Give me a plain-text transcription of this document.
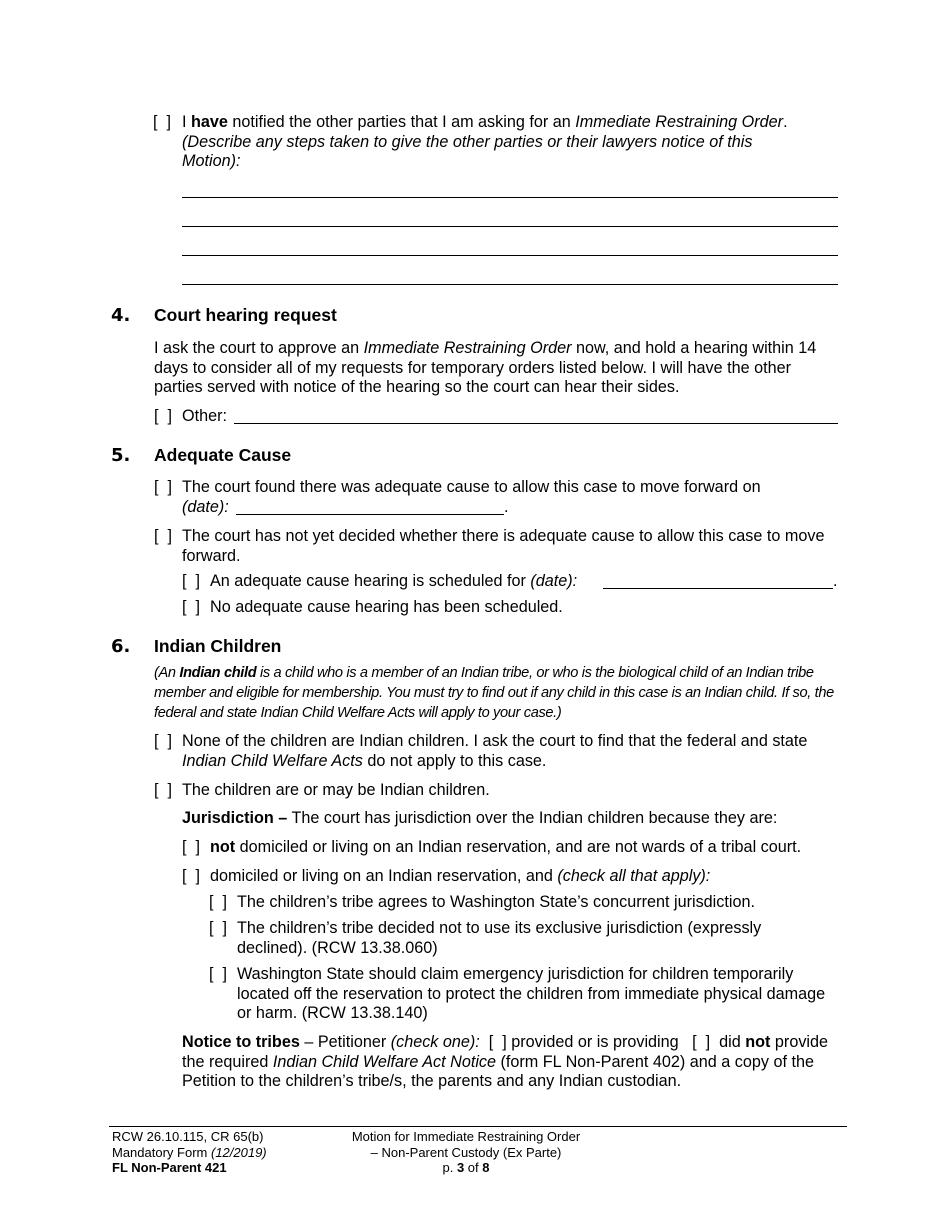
[  ] I have notified the other parties that I am asking for an Immediate Restraining Order.
(Describe any steps taken to give the other parties or their lawyers notice of this Motion):
4. Court hearing request
I ask the court to approve an Immediate Restraining Order now, and hold a hearing within 14 days to consider all of my requests for temporary orders listed below. I will have the other parties served with notice of the hearing so the court can hear their sides.
[  ] Other:
5. Adequate Cause
[  ] The court found there was adequate cause to allow this case to move forward on
(date):	.
[  ] The court has not yet decided whether there is adequate cause to allow this case to move forward.
[  ] An adequate cause hearing is scheduled for (date):	.
[  ] No adequate cause hearing has been scheduled.
6. Indian Children
(An Indian child is a child who is a member of an Indian tribe, or who is the biological child of an Indian tribe member and eligible for membership. You must try to find out if any child in this case is an Indian child. If so, the federal and state Indian Child Welfare Acts will apply to your case.)
[  ] None of the children are Indian children. I ask the court to find that the federal and state Indian Child Welfare Acts do not apply to this case.
[  ] The children are or may be Indian children.
Jurisdiction – The court has jurisdiction over the Indian children because they are:
[  ] not domiciled or living on an Indian reservation, and are not wards of a tribal court.
[  ] domiciled or living on an Indian reservation, and (check all that apply):
[  ] The children’s tribe agrees to Washington State’s concurrent jurisdiction.
[  ] The children’s tribe decided not to use its exclusive jurisdiction (expressly declined). (RCW 13.38.060)
[  ] Washington State should claim emergency jurisdiction for children temporarily located off the reservation to protect the children from immediate physical damage or harm. (RCW 13.38.140)
Notice to tribes – Petitioner (check one):  [  ] provided or is providing   [  ]  did not provide the required Indian Child Welfare Act Notice (form FL Non-Parent 402) and a copy of the Petition to the children’s tribe/s, the parents and any Indian custodian.
RCW 26.10.115, CR 65(b)
Mandatory Form (12/2019)
FL Non-Parent 421
Motion for Immediate Restraining Order
– Non-Parent Custody (Ex Parte)
p. 3 of 8
